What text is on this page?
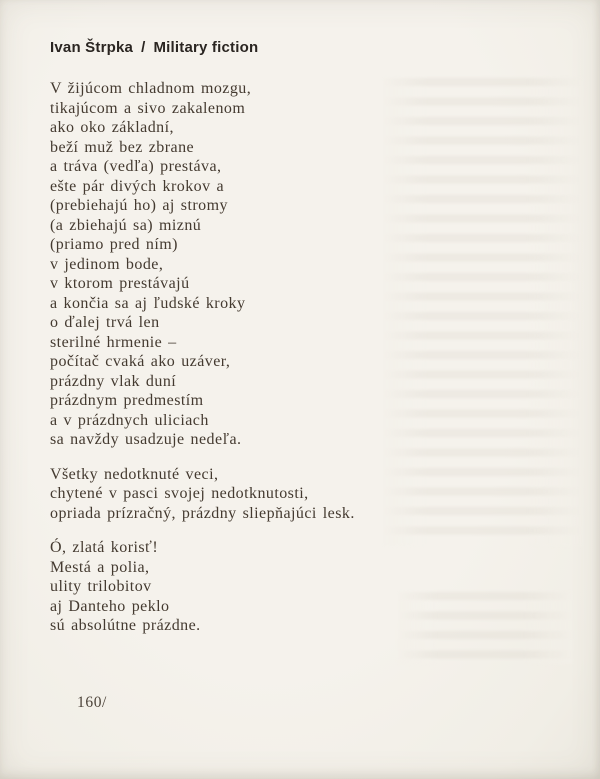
Ivan Štrpka / Military fiction
V žijúcom chladnom mozgu,
tikajúcom a sivo zakalenom
ako oko základní,
beží muž bez zbrane
a tráva (vedľa) prestáva,
ešte pár divých krokov a
(prebiehajú ho) aj stromy
(a zbiehajú sa) miznú
(priamo pred ním)
v jedinom bode,
v ktorom prestávajú
a končia sa aj ľudské kroky
o ďalej trvá len
sterilné hrmenie –
počítač cvaká ako uzáver,
prázdny vlak duní
prázdnym predmestím
a v prázdnych uliciach
sa navždy usadzuje nedeľa.
Všetky nedotknuté veci,
chytené v pasci svojej nedotknutosti,
opriada prízračný, prázdny sliepňajúci lesk.
Ó, zlatá korisť!
Mestá a polia,
ulity trilobitov
aj Danteho peklo
sú absolútne prázdne.
160/
